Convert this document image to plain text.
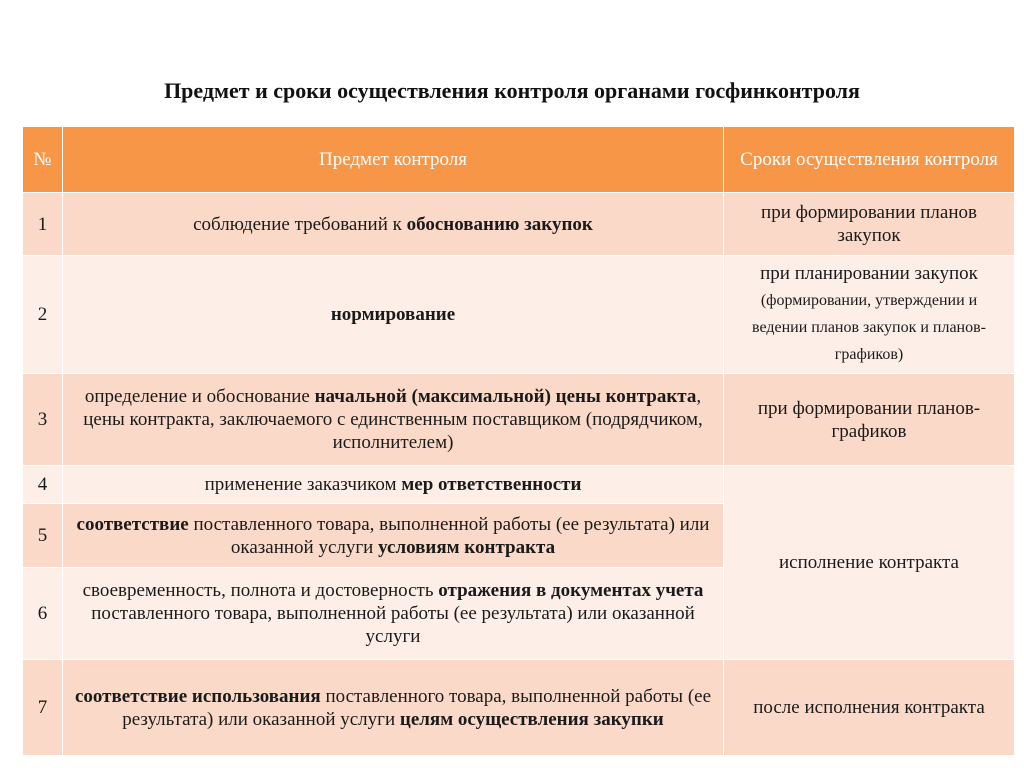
Предмет и сроки осуществления контроля органами госфинконтроля
№	Предмет контроля	Сроки осуществления контроля
1	соблюдение требований к обоснованию закупок	при формировании планов закупок
2	нормирование	при планировании закупок (формировании, утверждении и ведении планов закупок и планов-графиков)
3	определение и обоснование начальной (максимальной) цены контракта, цены контракта, заключаемого с единственным поставщиком (подрядчиком, исполнителем)	при формировании планов-графиков
4	применение заказчиком мер ответственности	исполнение контракта
5	соответствие поставленного товара, выполненной работы (ее результата) или оказанной услуги условиям контракта	
6	своевременность, полнота и достоверность отражения в документах учета поставленного товара, выполненной работы (ее результата) или оказанной услуги	
7	соответствие использования поставленного товара, выполненной работы (ее результата) или оказанной услуги целям осуществления закупки	после исполнения контракта
